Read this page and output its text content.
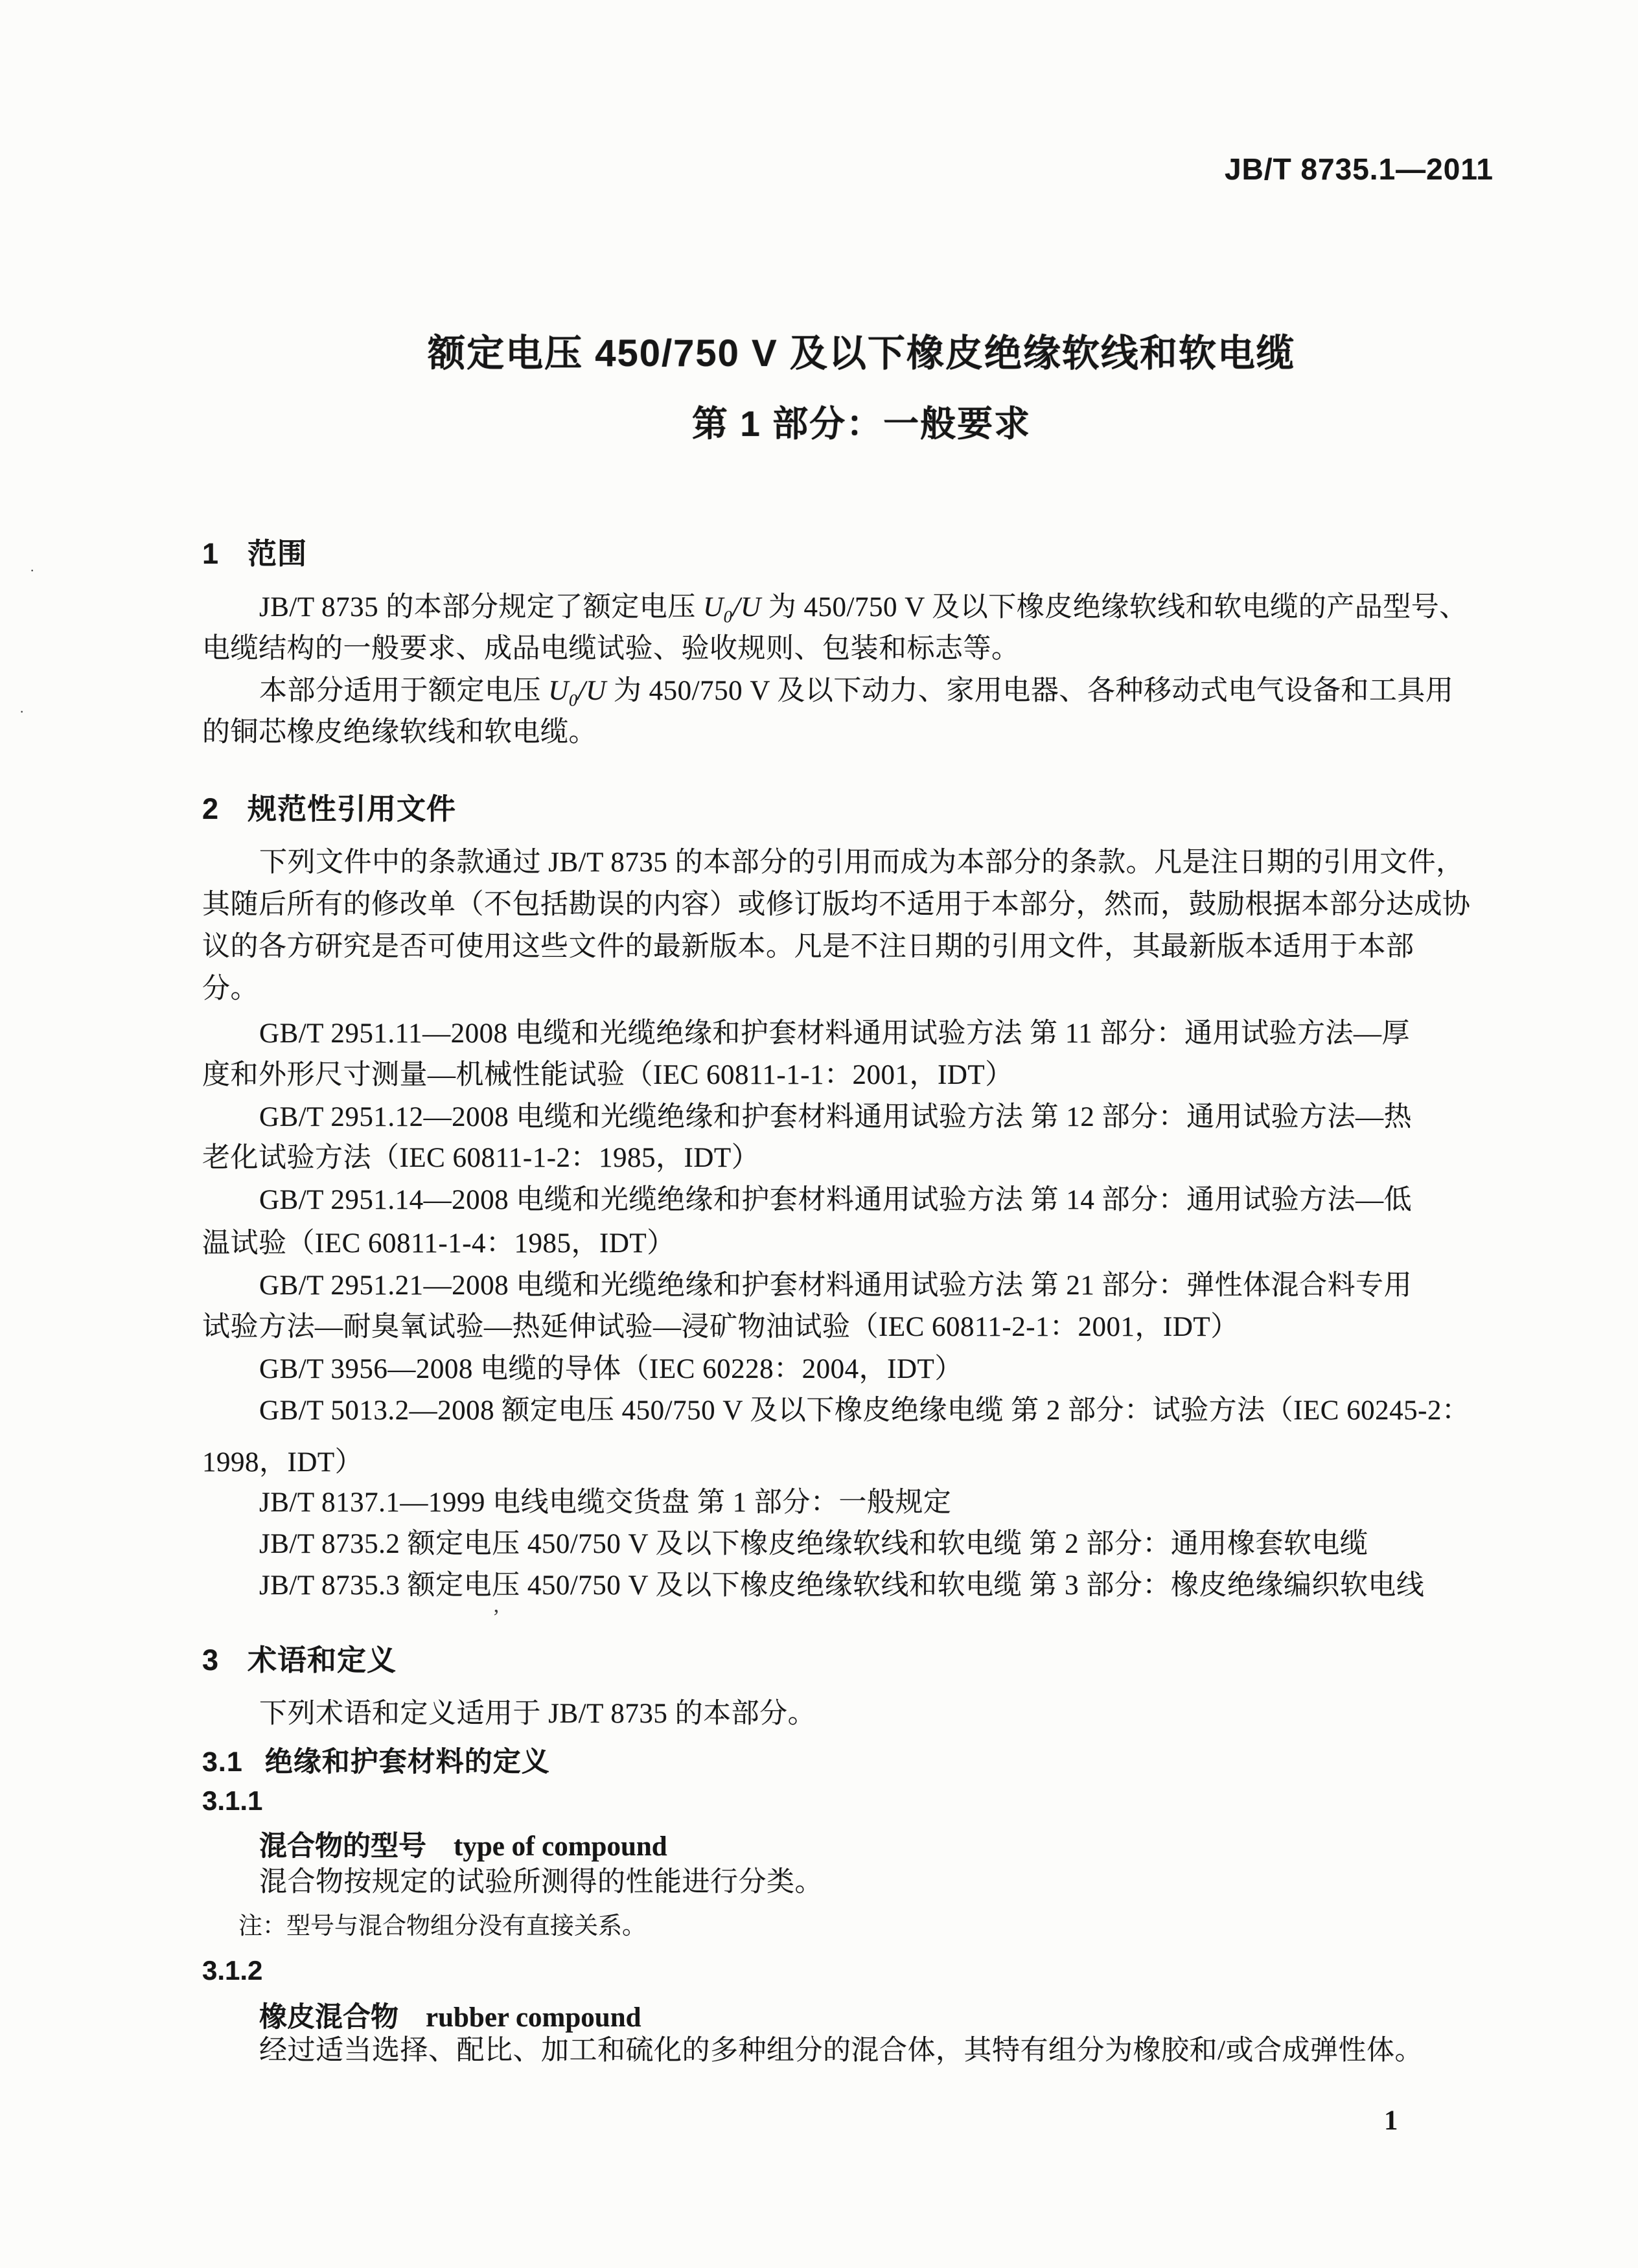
JB/T 8735.1—2011
额定电压 450/750 V 及以下橡皮绝缘软线和软电缆
第 1 部分：一般要求
1 范围
JB/T 8735 的本部分规定了额定电压 $U_0/U$ 为 450/750 V 及以下橡皮绝缘软线和软电缆的产品型号、
电缆结构的一般要求、成品电缆试验、验收规则、包装和标志等。
本部分适用于额定电压 $U_0/U$ 为 450/750 V 及以下动力、家用电器、各种移动式电气设备和工具用
的铜芯橡皮绝缘软线和软电缆。
2 规范性引用文件
下列文件中的条款通过 JB/T 8735 的本部分的引用而成为本部分的条款。凡是注日期的引用文件，
其随后所有的修改单（不包括勘误的内容）或修订版均不适用于本部分，然而，鼓励根据本部分达成协
议的各方研究是否可使用这些文件的最新版本。凡是不注日期的引用文件，其最新版本适用于本部
分。
GB/T 2951.11—2008 电缆和光缆绝缘和护套材料通用试验方法 第 11 部分：通用试验方法—厚
度和外形尺寸测量—机械性能试验（IEC 60811-1-1：2001，IDT）
GB/T 2951.12—2008 电缆和光缆绝缘和护套材料通用试验方法 第 12 部分：通用试验方法—热
老化试验方法（IEC 60811-1-2：1985，IDT）
GB/T 2951.14—2008 电缆和光缆绝缘和护套材料通用试验方法 第 14 部分：通用试验方法—低
温试验（IEC 60811-1-4：1985，IDT）
GB/T 2951.21—2008 电缆和光缆绝缘和护套材料通用试验方法 第 21 部分：弹性体混合料专用
试验方法—耐臭氧试验—热延伸试验—浸矿物油试验（IEC 60811-2-1：2001，IDT）
GB/T 3956—2008 电缆的导体（IEC 60228：2004，IDT）
GB/T 5013.2—2008 额定电压 450/750 V 及以下橡皮绝缘电缆 第 2 部分：试验方法（IEC 60245-2：
1998，IDT）
JB/T 8137.1—1999 电线电缆交货盘 第 1 部分：一般规定
JB/T 8735.2 额定电压 450/750 V 及以下橡皮绝缘软线和软电缆 第 2 部分：通用橡套软电缆
JB/T 8735.3 额定电压 450/750 V 及以下橡皮绝缘软线和软电缆 第 3 部分：橡皮绝缘编织软电线
3 术语和定义
下列术语和定义适用于 JB/T 8735 的本部分。
3.1 绝缘和护套材料的定义
3.1.1
混合物的型号 type of compound
混合物按规定的试验所测得的性能进行分类。
注：型号与混合物组分没有直接关系。
3.1.2
橡皮混合物 rubber compound
经过适当选择、配比、加工和硫化的多种组分的混合体，其特有组分为橡胶和/或合成弹性体。
1
·
·
’
